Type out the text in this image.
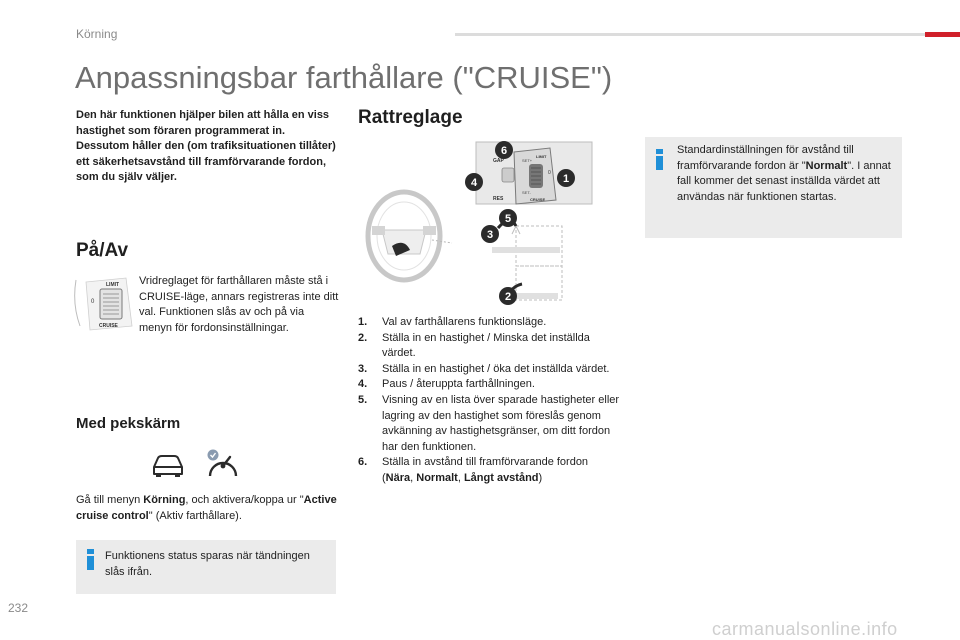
Körning
Anpassningsbar farthållare ("CRUISE")

Den här funktionen hjälper bilen att hålla en viss hastighet som föraren programmerat in.

Dessutom håller den (om trafiksituationen tillåter) ett säkerhetsavstånd till framförvarande fordon, som du själv väljer.

På/Av
LIMIT
0
CRUISE
Vridreglaget för farthållaren måste stå i CRUISE-läge, annars registreras inte ditt val. Funktionen slås av och på via menyn för fordonsinställningar.
Med pekskärm
Gå till menyn Körning, och aktivera/koppa ur "Active cruise control" (Aktiv farthållare).
Funktionens status sparas när tändningen slås ifrån.
Rattreglage
GAP
RES
LIMIT
SET+
SET-
0
CRUISE
1
2
3
4
5
6
1.	Val av farthållarens funktionsläge.
2.	Ställa in en hastighet / Minska det inställda värdet.
3.	Ställa in en hastighet / öka det inställda värdet.
4.	Paus / återuppta farthållningen.
5.	Visning av en lista över sparade hastigheter eller lagring av den hastighet som föreslås genom avkänning av hastighetsgränser, om ditt fordon har den funktionen.
6.	Ställa in avstånd till framförvarande fordon (Nära, Normalt, Långt avstånd)
Standardinställningen för avstånd till framförvarande fordon är "Normalt". I annat fall kommer det senast inställda värdet att användas när funktionen startas.
232
carmanualsonline.info
